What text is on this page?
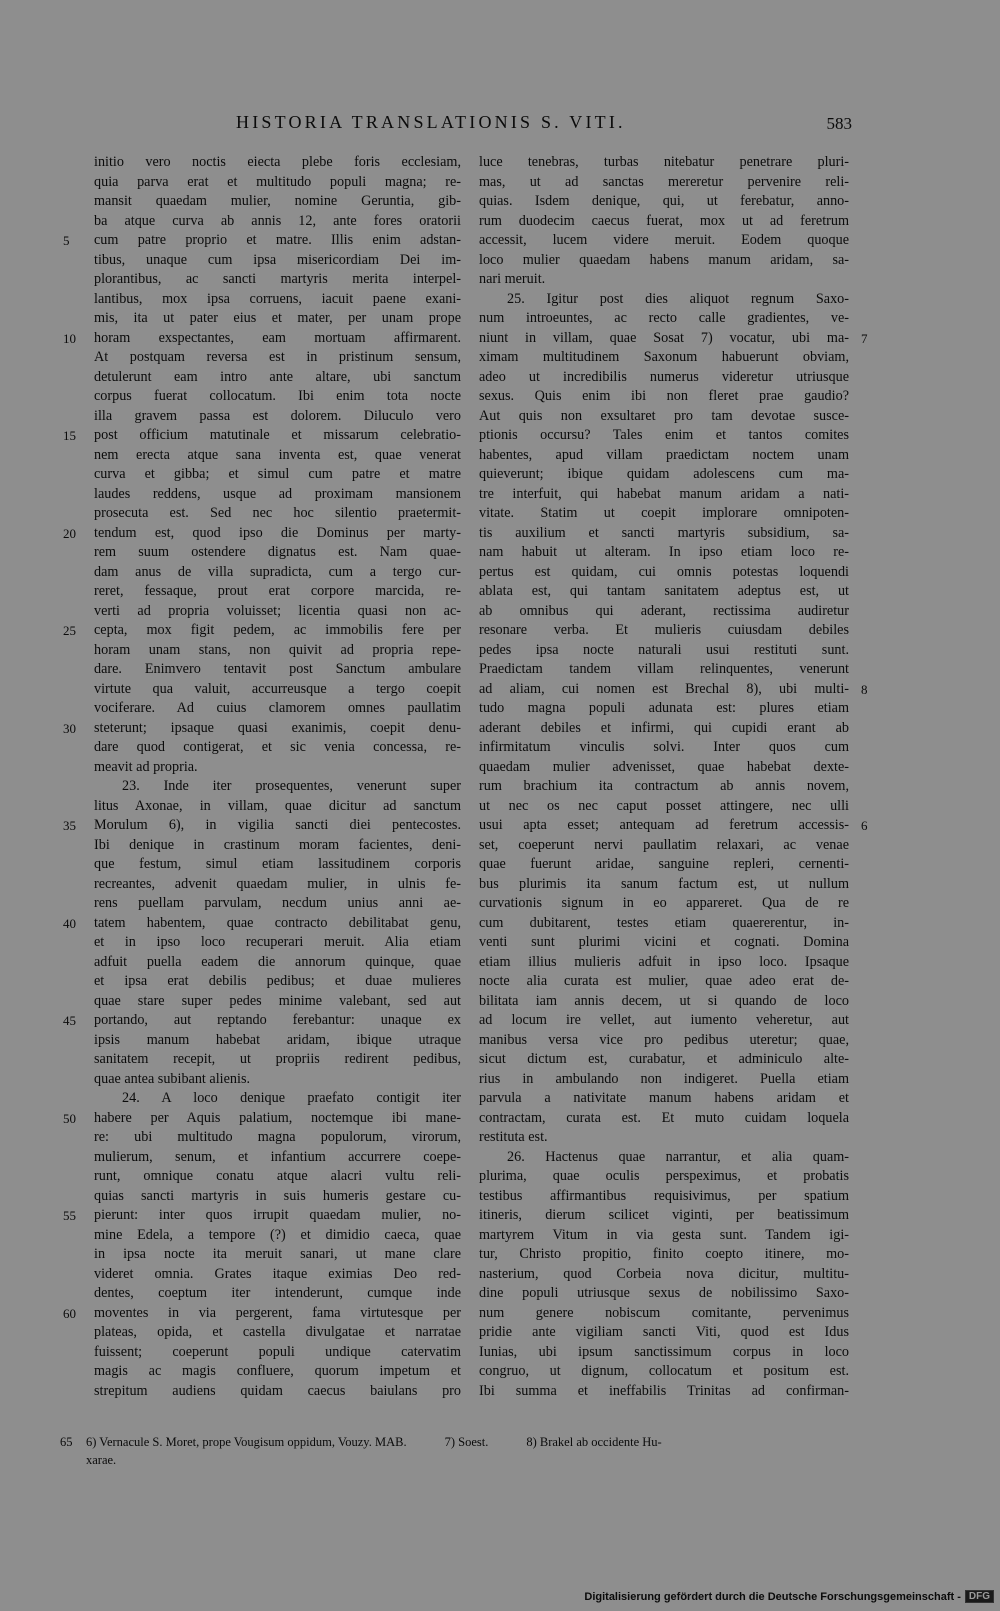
HISTORIA TRANSLATIONIS S. VITI.	583
initio vero noctis eiecta plebe foris ecclesiam,
quia parva erat et multitudo populi magna; re-
mansit quaedam mulier, nomine Geruntia, gib-
ba atque curva ab annis 12, ante fores oratorii
5	cum patre proprio et matre. Illis enim adstan-
tibus, unaque cum ipsa misericordiam Dei im-
plorantibus, ac sancti martyris merita interpel-
lantibus, mox ipsa corruens, iacuit paene exani-
mis, ita ut pater eius et mater, per unam prope
10	horam exspectantes, eam mortuam affirmarent.
At postquam reversa est in pristinum sensum,
detulerunt eam intro ante altare, ubi sanctum
corpus fuerat collocatum. Ibi enim tota nocte
illa gravem passa est dolorem. Diluculo vero
15	post officium matutinale et missarum celebratio-
nem erecta atque sana inventa est, quae venerat
curva et gibba; et simul cum patre et matre
laudes reddens, usque ad proximam mansionem
prosecuta est. Sed nec hoc silentio praetermit-
20	tendum est, quod ipso die Dominus per marty-
rem suum ostendere dignatus est. Nam quae-
dam anus de villa supradicta, cum a tergo cur-
reret, fessaque, prout erat corpore marcida, re-
verti ad propria voluisset; licentia quasi non ac-
25	cepta, mox figit pedem, ac immobilis fere per
horam unam stans, non quivit ad propria repe-
dare. Enimvero tentavit post Sanctum ambulare
virtute qua valuit, accurreusque a tergo coepit
vociferare. Ad cuius clamorem omnes paullatim
30	steterunt; ipsaque quasi exanimis, coepit denu-
dare quod contigerat, et sic venia concessa, re-
meavit ad propria.
23. Inde iter prosequentes, venerunt super
litus Axonae, in villam, quae dicitur ad sanctum
35	Morulum 6), in vigilia sancti diei pentecostes.
Ibi denique in crastinum moram facientes, deni-
que festum, simul etiam lassitudinem corporis
recreantes, advenit quaedam mulier, in ulnis fe-
rens puellam parvulam, necdum unius anni ae-
40	tatem habentem, quae contracto debilitabat genu,
et in ipso loco recuperari meruit. Alia etiam
adfuit puella eadem die annorum quinque, quae
et ipsa erat debilis pedibus; et duae mulieres
quae stare super pedes minime valebant, sed aut
45	portando, aut reptando ferebantur: unaque ex
ipsis manum habebat aridam, ibique utraque
sanitatem recepit, ut propriis redirent pedibus,
quae antea subibant alienis.
24. A loco denique praefato contigit iter
50	habere per Aquis palatium, noctemque ibi mane-
re: ubi multitudo magna populorum, virorum,
mulierum, senum, et infantium accurrere coepe-
runt, omnique conatu atque alacri vultu reli-
quias sancti martyris in suis humeris gestare cu-
55	pierunt: inter quos irrupit quaedam mulier, no-
mine Edela, a tempore (?) et dimidio caeca, quae
in ipsa nocte ita meruit sanari, ut mane clare
videret omnia. Grates itaque eximias Deo red-
dentes, coeptum iter intenderunt, cumque inde
60	moventes in via pergerent, fama virtutesque per
plateas, opida, et castella divulgatae et narratae
fuissent; coeperunt populi undique catervatim
magis ac magis confluere, quorum impetum et
strepitum audiens quidam caecus baiulans pro
luce tenebras, turbas nitebatur penetrare pluri-
mas, ut ad sanctas mereretur pervenire reli-
quias. Isdem denique, qui, ut ferebatur, anno-
rum duodecim caecus fuerat, mox ut ad feretrum
accessit, lucem videre meruit. Eodem quoque
loco mulier quaedam habens manum aridam, sa-
nari meruit.
25. Igitur post dies aliquot regnum Saxo-
num introeuntes, ac recto calle gradientes, ve-
niunt in villam, quae Sosat 7) vocatur, ubi ma- 7
ximam multitudinem Saxonum habuerunt obviam,
adeo ut incredibilis numerus videretur utriusque
sexus. Quis enim ibi non fleret prae gaudio?
Aut quis non exsultaret pro tam devotae susce-
ptionis occursu? Tales enim et tantos comites
habentes, apud villam praedictam noctem unam
quieverunt; ibique quidam adolescens cum ma-
tre interfuit, qui habebat manum aridam a nati-
vitate. Statim ut coepit implorare omnipoten-
tis auxilium et sancti martyris subsidium, sa-
nam habuit ut alteram. In ipso etiam loco re-
pertus est quidam, cui omnis potestas loquendi
ablata est, qui tantam sanitatem adeptus est, ut
ab omnibus qui aderant, rectissima audiretur
resonare verba. Et mulieris cuiusdam debiles
pedes ipsa nocte naturali usui restituti sunt.
Praedictam tandem villam relinquentes, venerunt
ad aliam, cui nomen est Brechal 8), ubi multi- 8
tudo magna populi adunata est: plures etiam
aderant debiles et infirmi, qui cupidi erant ab
infirmitatum vinculis solvi. Inter quos cum
quaedam mulier advenisset, quae habebat dexte-
rum brachium ita contractum ab annis novem,
ut nec os nec caput posset attingere, nec ulli
usui apta esset; antequam ad feretrum accessis- 6
set, coeperunt nervi paullatim relaxari, ac venae
quae fuerunt aridae, sanguine repleri, cernenti-
bus plurimis ita sanum factum est, ut nullum
curvationis signum in eo appareret. Qua de re
cum dubitarent, testes etiam quaererentur, in-
venti sunt plurimi vicini et cognati. Domina
etiam illius mulieris adfuit in ipso loco. Ipsaque
nocte alia curata est mulier, quae adeo erat de-
bilitata iam annis decem, ut si quando de loco
ad locum ire vellet, aut iumento veheretur, aut
manibus versa vice pro pedibus uteretur; quae,
sicut dictum est, curabatur, et adminiculo alte-
rius in ambulando non indigeret. Puella etiam
parvula a nativitate manum habens aridam et
contractam, curata est. Et muto cuidam loquela
restituta est.
26. Hactenus quae narrantur, et alia quam-
plurima, quae oculis perspeximus, et probatis
testibus affirmantibus requisivimus, per spatium
itineris, dierum scilicet viginti, per beatissimum
martyrem Vitum in via gesta sunt. Tandem igi-
tur, Christo propitio, finito coepto itinere, mo-
nasterium, quod Corbeia nova dicitur, multitu-
dine populi utriusque sexus de nobilissimo Saxo-
num genere nobiscum comitante, pervenimus
pridie ante vigiliam sancti Viti, quod est Idus
Iunias, ubi ipsum sanctissimum corpus in loco
congruo, ut dignum, collocatum et positum est.
Ibi summa et ineffabilis Trinitas ad confirman-
65 6) Vernacule S. Moret, prope Vougisum oppidum, Vouzy. MAB.	7) Soest.	8) Brakel ab occidente Hu-
xarae.
Digitalisierung gefördert durch die Deutsche Forschungsgemeinschaft - DFG
